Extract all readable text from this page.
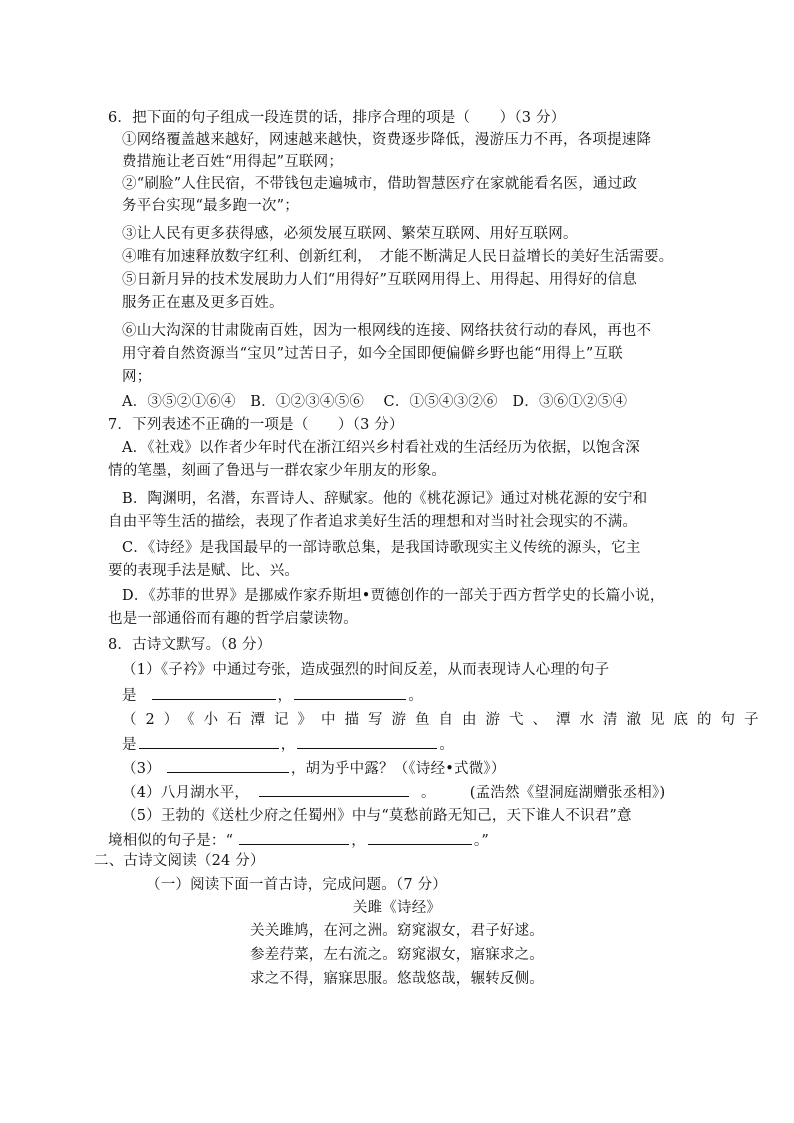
6．把下面的句子组成一段连贯的话，排序合理的项是（　　）（3 分）
①网络覆盖越来越好，网速越来越快，资费逐步降低，漫游压力不再，各项提速降
费措施让老百姓“用得起”互联网；
②“刷脸”人住民宿，不带钱包走遍城市，借助智慧医疗在家就能看名医，通过政
务平台实现“最多跑一次”；
③让人民有更多获得感，必须发展互联网、繁荣互联网、用好互联网。
④唯有加速释放数字红利、创新红利，　才能不断满足人民日益增长的美好生活需要。
⑤日新月异的技术发展助力人们“用得好”互联网用得上、用得起、用得好的信息
服务正在惠及更多百姓。
⑥山大沟深的甘肃陇南百姓，因为一根网线的连接、网络扶贫行动的春风，再也不
用守着自然资源当“宝贝”过苦日子，如今全国即便偏僻乡野也能“用得上”互联
网；
A．③⑤②①⑥④　B．①②③④⑤⑥　 C．①⑤④③②⑥　D．③⑥①②⑤④
7．下列表述不正确的一项是（　　）（3 分）
A．《社戏》以作者少年时代在浙江绍兴乡村看社戏的生活经历为依据，以饱含深
情的笔墨，刻画了鲁迅与一群农家少年朋友的形象。
B．陶渊明，名潜，东晋诗人、辞赋家。他的《桃花源记》通过对桃花源的安宁和
自由平等生活的描绘，表现了作者追求美好生活的理想和对当时社会现实的不满。
C．《诗经》是我国最早的一部诗歌总集，是我国诗歌现实主义传统的源头，它主
要的表现手法是赋、比、兴。
D．《苏菲的世界》是挪威作家乔斯坦•贾德创作的一部关于西方哲学史的长篇小说，
也是一部通俗而有趣的哲学启蒙读物。
8．古诗文默写。（8 分）
（1）《子衿》中通过夸张，造成强烈的时间反差，从而表现诗人心理的句子
是	，	。
（2）《小石潭记》中描写游鱼自由游弋、潭水清澈见底的句子
是	，	。
（3）	，胡为乎中露？（《诗经•式微》）
（4）八月湖水平，	。 (孟浩然《望洞庭湖赠张丞相》)
（5）王勃的《送杜少府之任蜀州》中与“莫愁前路无知己，天下谁人不识君”意
境相似的句子是：“	，	。”
二、古诗文阅读（24 分）
（一）阅读下面一首古诗，完成问题。（7 分）
关雎《诗经》
关关雎鸠，在河之洲。窈窕淑女，君子好逑。
参差荇菜，左右流之。窈窕淑女，寤寐求之。
求之不得，寤寐思服。悠哉悠哉，辗转反侧。
